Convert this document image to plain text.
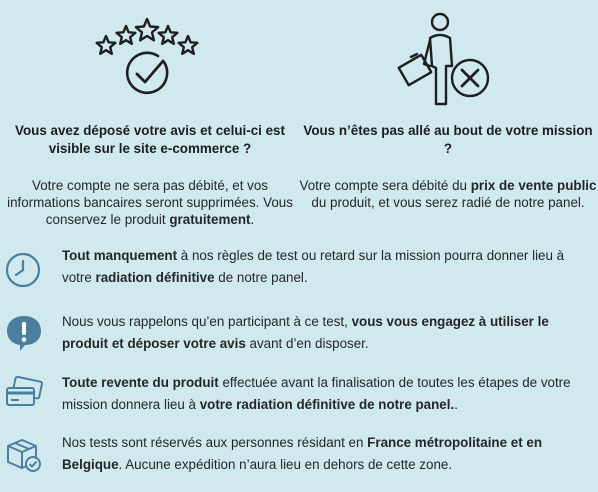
Vous avez déposé votre avis et celui-ci est visible sur le site e-commerce ?
Votre compte ne sera pas débité, et vos informations bancaires seront supprimées. Vous conservez le produit gratuitement.
Vous n’êtes pas allé au bout de votre mission ?
Votre compte sera débité du prix de vente public du produit, et vous serez radié de notre panel.
Tout manquement à nos règles de test ou retard sur la mission pourra donner lieu à votre radiation définitive de notre panel.
Nous vous rappelons qu’en participant à ce test, vous vous engagez à utiliser le produit et déposer votre avis avant d’en disposer.
Toute revente du produit effectuée avant la finalisation de toutes les étapes de votre mission donnera lieu à votre radiation définitive de notre panel..
Nos tests sont réservés aux personnes résidant en France métropolitaine et en Belgique. Aucune expédition n’aura lieu en dehors de cette zone.
